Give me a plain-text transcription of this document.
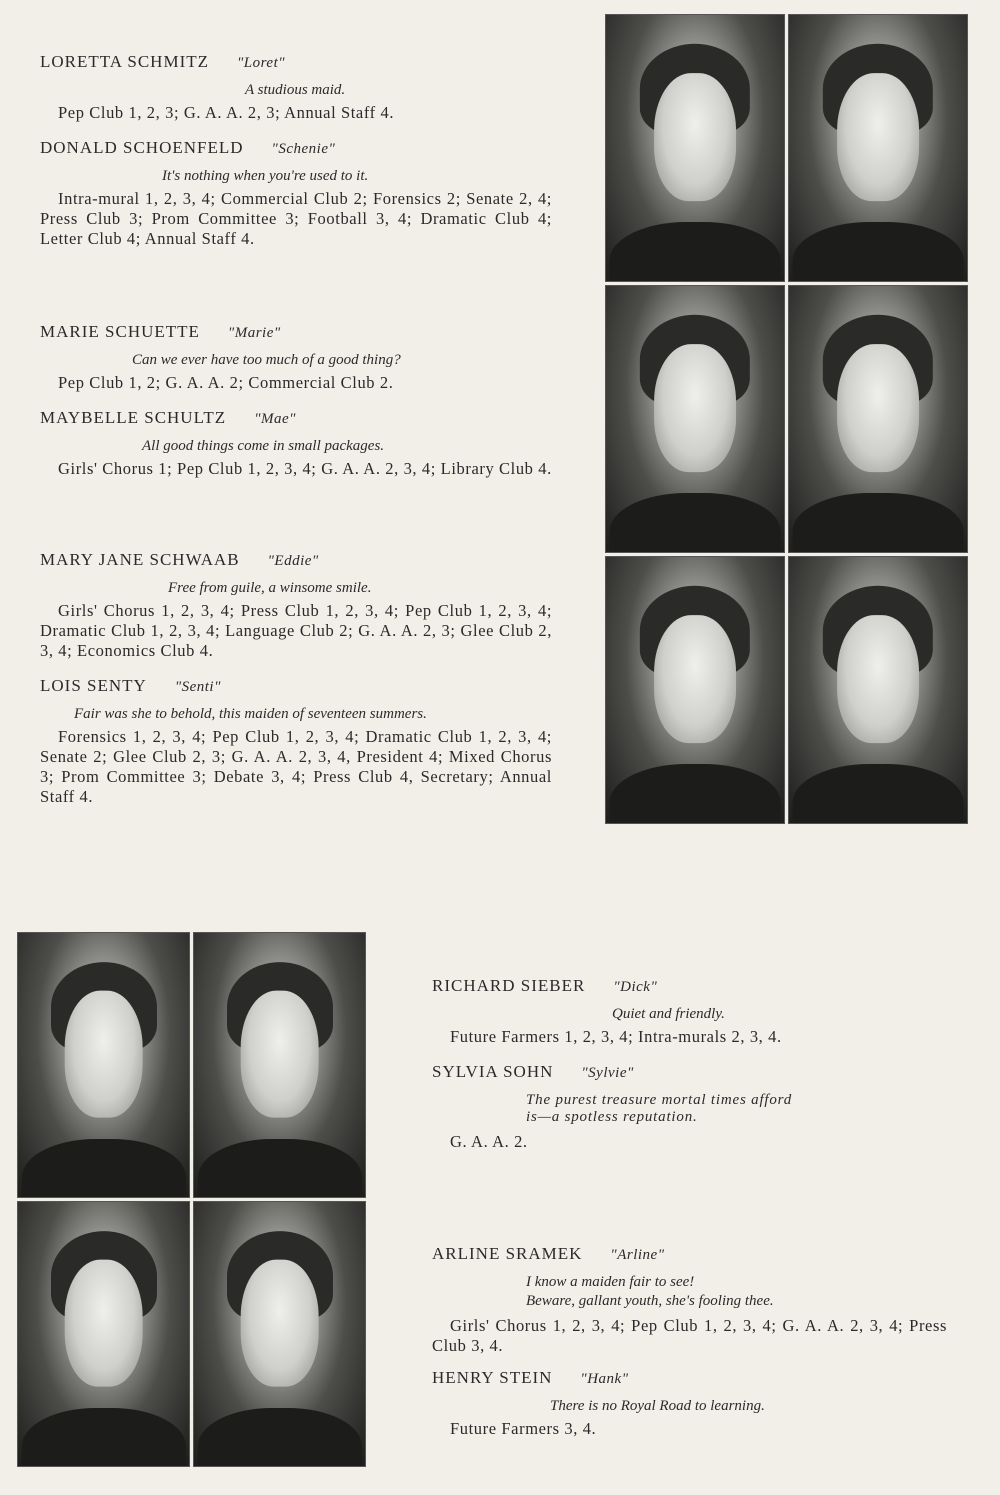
LORETTA SCHMITZ "Loret"
A studious maid.
Pep Club 1, 2, 3; G. A. A. 2, 3; Annual Staff 4.
DONALD SCHOENFELD "Schenie"
It's nothing when you're used to it.
Intra-mural 1, 2, 3, 4; Commercial Club 2; Forensics 2; Senate 2, 4; Press Club 3; Prom Committee 3; Football 3, 4; Dramatic Club 4; Letter Club 4; Annual Staff 4.
MARIE SCHUETTE "Marie"
Can we ever have too much of a good thing?
Pep Club 1, 2; G. A. A. 2; Commercial Club 2.
MAYBELLE SCHULTZ "Mae"
All good things come in small packages.
Girls' Chorus 1; Pep Club 1, 2, 3, 4; G. A. A. 2, 3, 4; Library Club 4.
MARY JANE SCHWAAB "Eddie"
Free from guile, a winsome smile.
Girls' Chorus 1, 2, 3, 4; Press Club 1, 2, 3, 4; Pep Club 1, 2, 3, 4; Dramatic Club 1, 2, 3, 4; Language Club 2; G. A. A. 2, 3; Glee Club 2, 3, 4; Economics Club 4.
LOIS SENTY "Senti"
Fair was she to behold, this maiden of seventeen summers.
Forensics 1, 2, 3, 4; Pep Club 1, 2, 3, 4; Dramatic Club 1, 2, 3, 4; Senate 2; Glee Club 2, 3; G. A. A. 2, 3, 4, President 4; Mixed Chorus 3; Prom Committee 3; Debate 3, 4; Press Club 4, Secretary; Annual Staff 4.
RICHARD SIEBER "Dick"
Quiet and friendly.
Future Farmers 1, 2, 3, 4; Intra-murals 2, 3, 4.
SYLVIA SOHN "Sylvie"
The purest treasure mortal times afford
is—a spotless reputation.
G. A. A. 2.
ARLINE SRAMEK "Arline"
I know a maiden fair to see!
Beware, gallant youth, she's fooling thee.
Girls' Chorus 1, 2, 3, 4; Pep Club 1, 2, 3, 4; G. A. A. 2, 3, 4; Press Club 3, 4.
HENRY STEIN "Hank"
There is no Royal Road to learning.
Future Farmers 3, 4.
